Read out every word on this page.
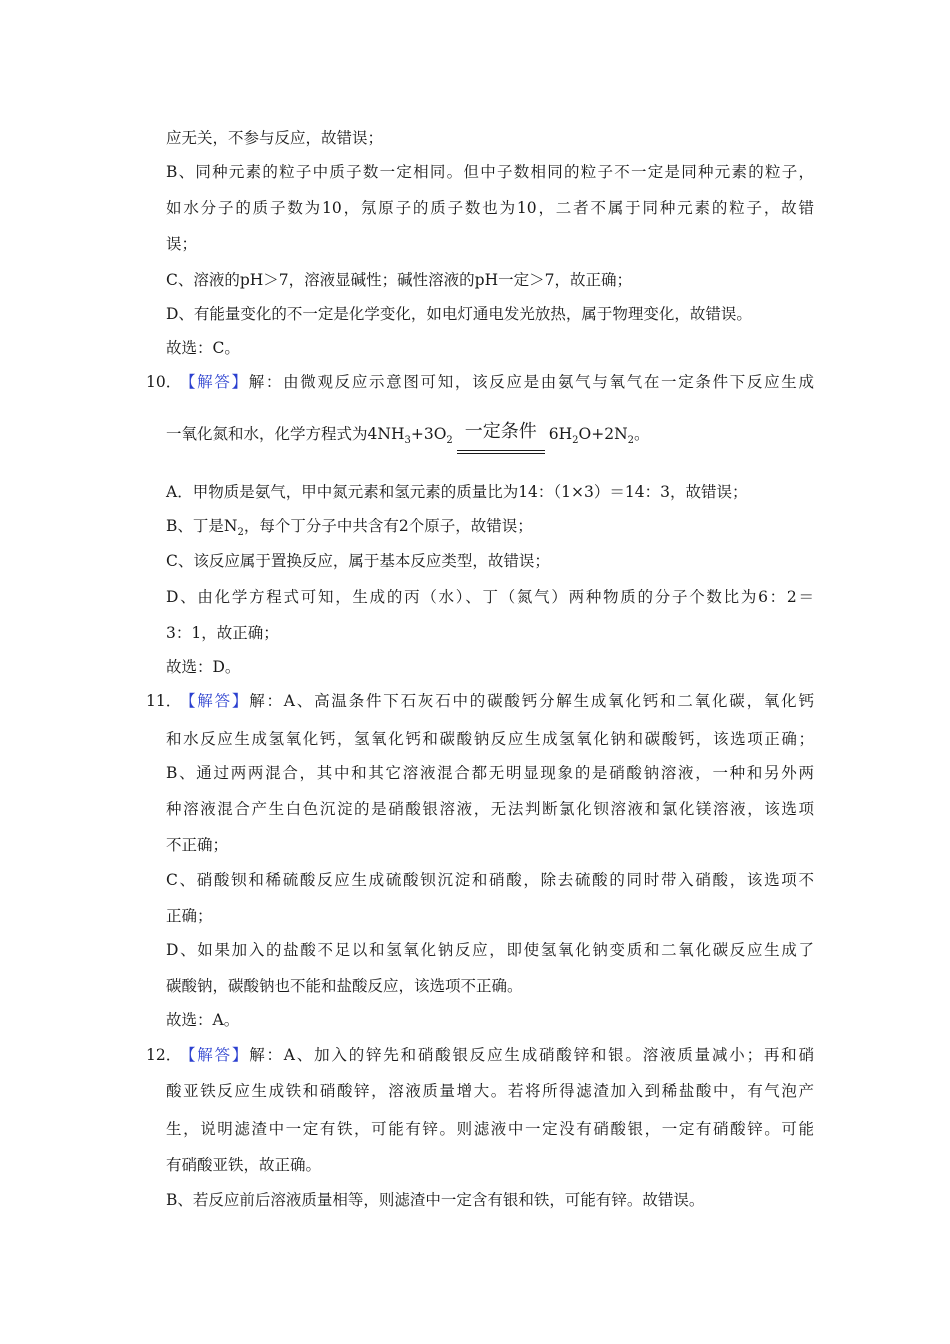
应无关，不参与反应，故错误；
B、同种元素的粒子中质子数一定相同。但中子数相同的粒子不一定是同种元素的粒子，
如水分子的质子数为10，氖原子的质子数也为10，二者不属于同种元素的粒子，故错
误；
C、溶液的pH＞7，溶液显碱性；碱性溶液的pH一定＞7，故正确；
D、有能量变化的不一定是化学变化，如电灯通电发光放热，属于物理变化，故错误。
故选：C。
10．
【解答】解：由微观反应示意图可知，该反应是由氨气与氧气在一定条件下反应生成
一氧化氮和水，化学方程式为$4NH_3+3O_2$ 一定条件 $6H_2O+2N_2$。
A．甲物质是氨气，甲中氮元素和氢元素的质量比为14：（1×3）＝14：3，故错误；
B、丁是$N_2$，每个丁分子中共含有2个原子，故错误；
C、该反应属于置换反应，属于基本反应类型，故错误；
D、由化学方程式可知，生成的丙（水）、丁（氮气）两种物质的分子个数比为6：2＝
3：1，故正确；
故选：D。
11．
【解答】解：A、高温条件下石灰石中的碳酸钙分解生成氧化钙和二氧化碳，氧化钙
和水反应生成氢氧化钙，氢氧化钙和碳酸钠反应生成氢氧化钠和碳酸钙，该选项正确；
B、通过两两混合，其中和其它溶液混合都无明显现象的是硝酸钠溶液，一种和另外两
种溶液混合产生白色沉淀的是硝酸银溶液，无法判断氯化钡溶液和氯化镁溶液，该选项
不正确；
C、硝酸钡和稀硫酸反应生成硫酸钡沉淀和硝酸，除去硫酸的同时带入硝酸，该选项不
正确；
D、如果加入的盐酸不足以和氢氧化钠反应，即使氢氧化钠变质和二氧化碳反应生成了
碳酸钠，碳酸钠也不能和盐酸反应，该选项不正确。
故选：A。
12．
【解答】解：A、加入的锌先和硝酸银反应生成硝酸锌和银。溶液质量减小；再和硝
酸亚铁反应生成铁和硝酸锌，溶液质量增大。若将所得滤渣加入到稀盐酸中，有气泡产
生，说明滤渣中一定有铁，可能有锌。则滤液中一定没有硝酸银，一定有硝酸锌。可能
有硝酸亚铁，故正确。
B、若反应前后溶液质量相等，则滤渣中一定含有银和铁，可能有锌。故错误。
